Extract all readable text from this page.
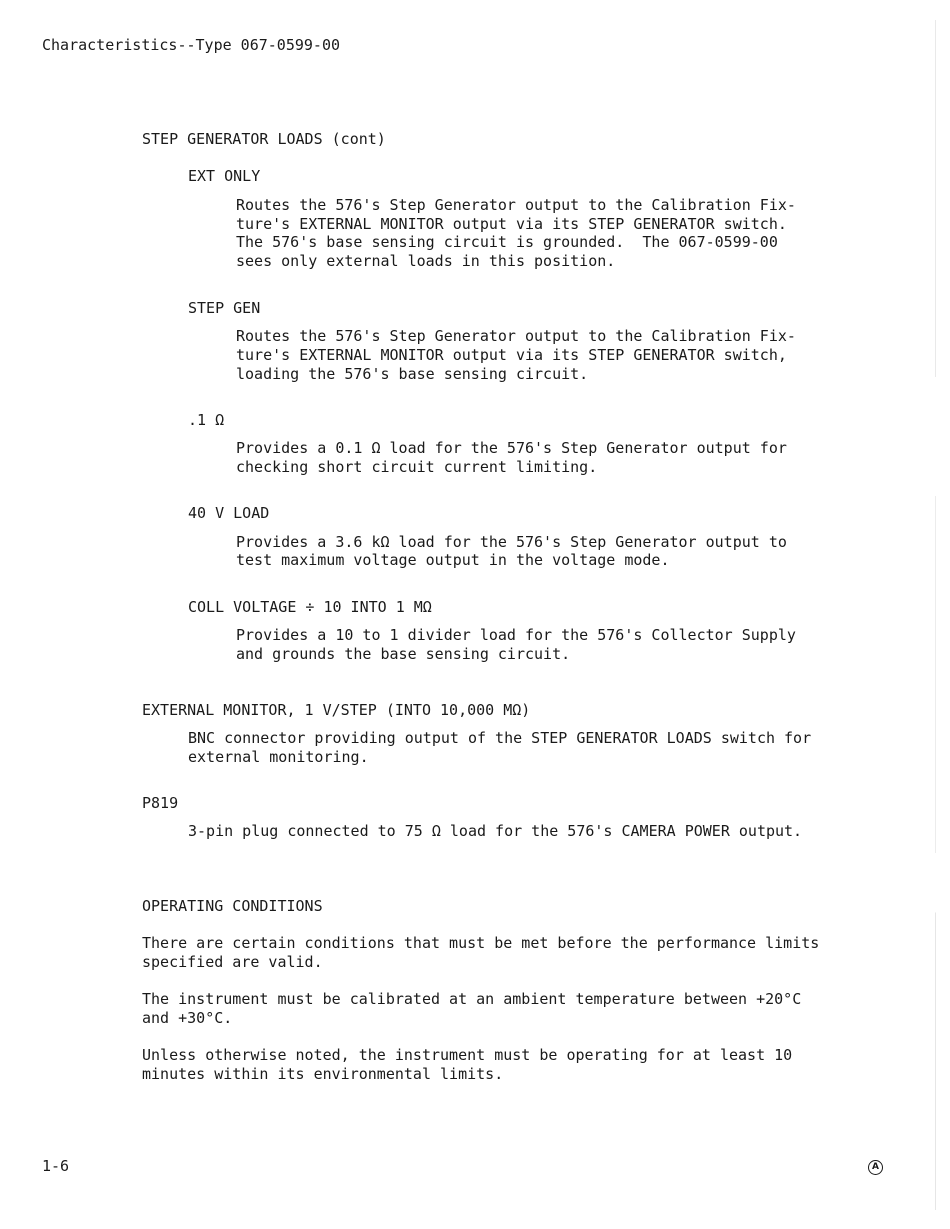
Characteristics--Type 067-0599-00
STEP GENERATOR LOADS (cont)
EXT ONLY
Routes the 576's Step Generator output to the Calibration Fix-
ture's EXTERNAL MONITOR output via its STEP GENERATOR switch.
The 576's base sensing circuit is grounded.  The 067-0599-00
sees only external loads in this position.
STEP GEN
Routes the 576's Step Generator output to the Calibration Fix-
ture's EXTERNAL MONITOR output via its STEP GENERATOR switch,
loading the 576's base sensing circuit.
.1 Ω
Provides a 0.1 Ω load for the 576's Step Generator output for
checking short circuit current limiting.
40 V LOAD
Provides a 3.6 kΩ load for the 576's Step Generator output to
test maximum voltage output in the voltage mode.
COLL VOLTAGE ÷ 10 INTO 1 MΩ
Provides a 10 to 1 divider load for the 576's Collector Supply
and grounds the base sensing circuit.
EXTERNAL MONITOR, 1 V/STEP (INTO 10,000 MΩ)
BNC connector providing output of the STEP GENERATOR LOADS switch for
external monitoring.
P819
3-pin plug connected to 75 Ω load for the 576's CAMERA POWER output.
OPERATING CONDITIONS
There are certain conditions that must be met before the performance limits
specified are valid.
The instrument must be calibrated at an ambient temperature between +20°C
and +30°C.
Unless otherwise noted, the instrument must be operating for at least 10
minutes within its environmental limits.
1-6	A
